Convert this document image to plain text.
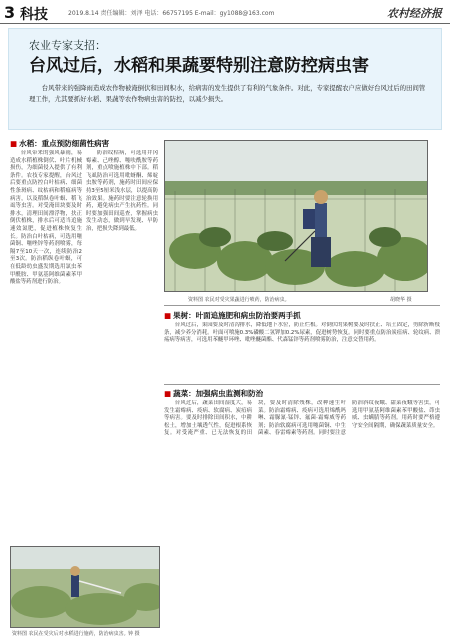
3 科技	2019.8.14 责任编辑：刘泽 电话：66757195 E-mail：gy1088@163.com	农村经济报
农业专家支招：
台风过后，水稻和果蔬要特别注意防控病虫害
台风带来的强降雨造成农作物被淹倒伏和田间积水，给病害的发生提供了有利的气象条件。对此，专家提醒农户应做好台风过后的田间管理工作，尤其要抓好水稻、果蔬等农作物病虫害的防控，以减少损失。
■ 水稻：重点预防细菌性病害

台风带来的强风暴雨，易造成水稻植株倒伏、叶片机械损伤，为细菌侵入提供了有利条件。农技专家提醒，台风过后要重点防控白叶枯病、细菌性条斑病、纹枯病和稻瘟病等病害，以及稻纵卷叶螟、稻飞虱等虫害。对受淹田块要及时排水，清理田间漂浮物，扶正倒伏植株，排水后可适当追施速效氮肥，促进植株恢复生长。防治白叶枯病，可选用噻菌铜、噻唑锌等药剂喷雾，每隔7至10天一次，连续防治2至3次。防治稻纵卷叶螟，可在低龄幼虫盛发期选用氯虫苯甲酰胺、甲氨基阿维菌素苯甲酸盐等药剂进行防治。

防治纹枯病，可选用井冈霉素、己唑醇、噻呋酰胺等药剂，重点喷施植株中下部。稻飞虱防治可选用吡蚜酮、烯啶虫胺等药剂，施药时田间应保持3至5厘米浅水层，以提高防治效果。施药时要注意轮换用药，避免病虫产生抗药性。同时要加强田间巡查，掌握病虫发生动态，做到早发现、早防治，把损失降到最低。

资料图 农民对受灾果蔬进行喷药，防治病虫。	胡晓华 摄
■ 果树：叶面追施肥和病虫防治要两手抓

台风过后，果园要及时清沟排水，降低地下水位，防止烂根。对倒伏的果树要及时扶正、培土固定，剪除折断枝条，减少养分消耗。叶面可喷施0.3%磷酸二氢钾加0.2%尿素，促进树势恢复。同时要重点防治炭疽病、轮纹病、溃疡病等病害，可选用苯醚甲环唑、吡唑醚菌酯、代森锰锌等药剂喷雾防治，注意交替用药。

■ 蔬菜：加强病虫监测和防治

台风过后，蔬菜田间湿度大，易发生霜霉病、疫病、软腐病、炭疽病等病害。要及时排除田间积水，中耕松土，增加土壤透气性，促进根系恢复。对受淹严重、已无法恢复的田块，要及时清除残株，改种速生叶菜。防治霜霉病、疫病可选用烯酰吗啉、霜脲氰·锰锌、氟菌·霜霉威等药剂；防治软腐病可选用噻菌铜、中生菌素、春雷霉素等药剂。同时要注意防治斜纹夜蛾、甜菜夜蛾等害虫，可选用甲氨基阿维菌素苯甲酸盐、茚虫威、虫螨腈等药剂。用药时要严格遵守安全间隔期，确保蔬菜质量安全。

资料图 农民在受灾后对水稻进行施药，防治病虫害。 钟 摄
